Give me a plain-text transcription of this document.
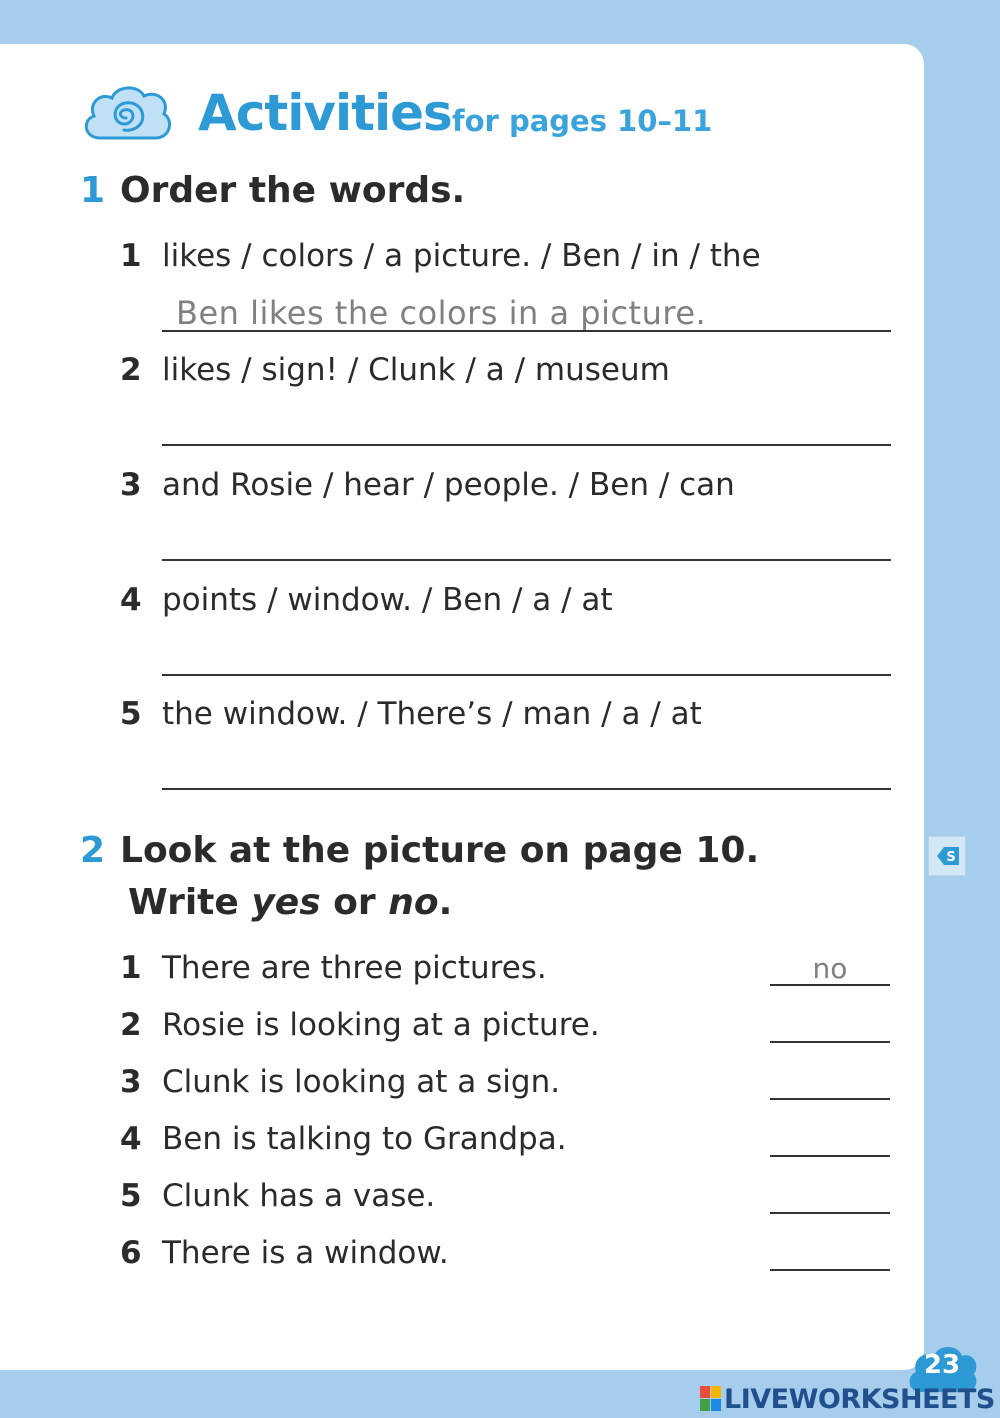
Activities for pages 10–11
1 Order the words.
1 likes / colors / a picture. / Ben / in / the
Ben likes the colors in a picture.
2 likes / sign! / Clunk / a / museum
3 and Rosie / hear / people. / Ben / can
4 points / window. / Ben / a / at
5 the window. / There’s / man / a / at
2 Look at the picture on page 10.
Write yes or no.
1 There are three pictures.	no
2 Rosie is looking at a picture.
3 Clunk is looking at a sign.
4 Ben is talking to Grandpa.
5 Clunk has a vase.
6 There is a window.
S
23
LIVEWORKSHEETS
